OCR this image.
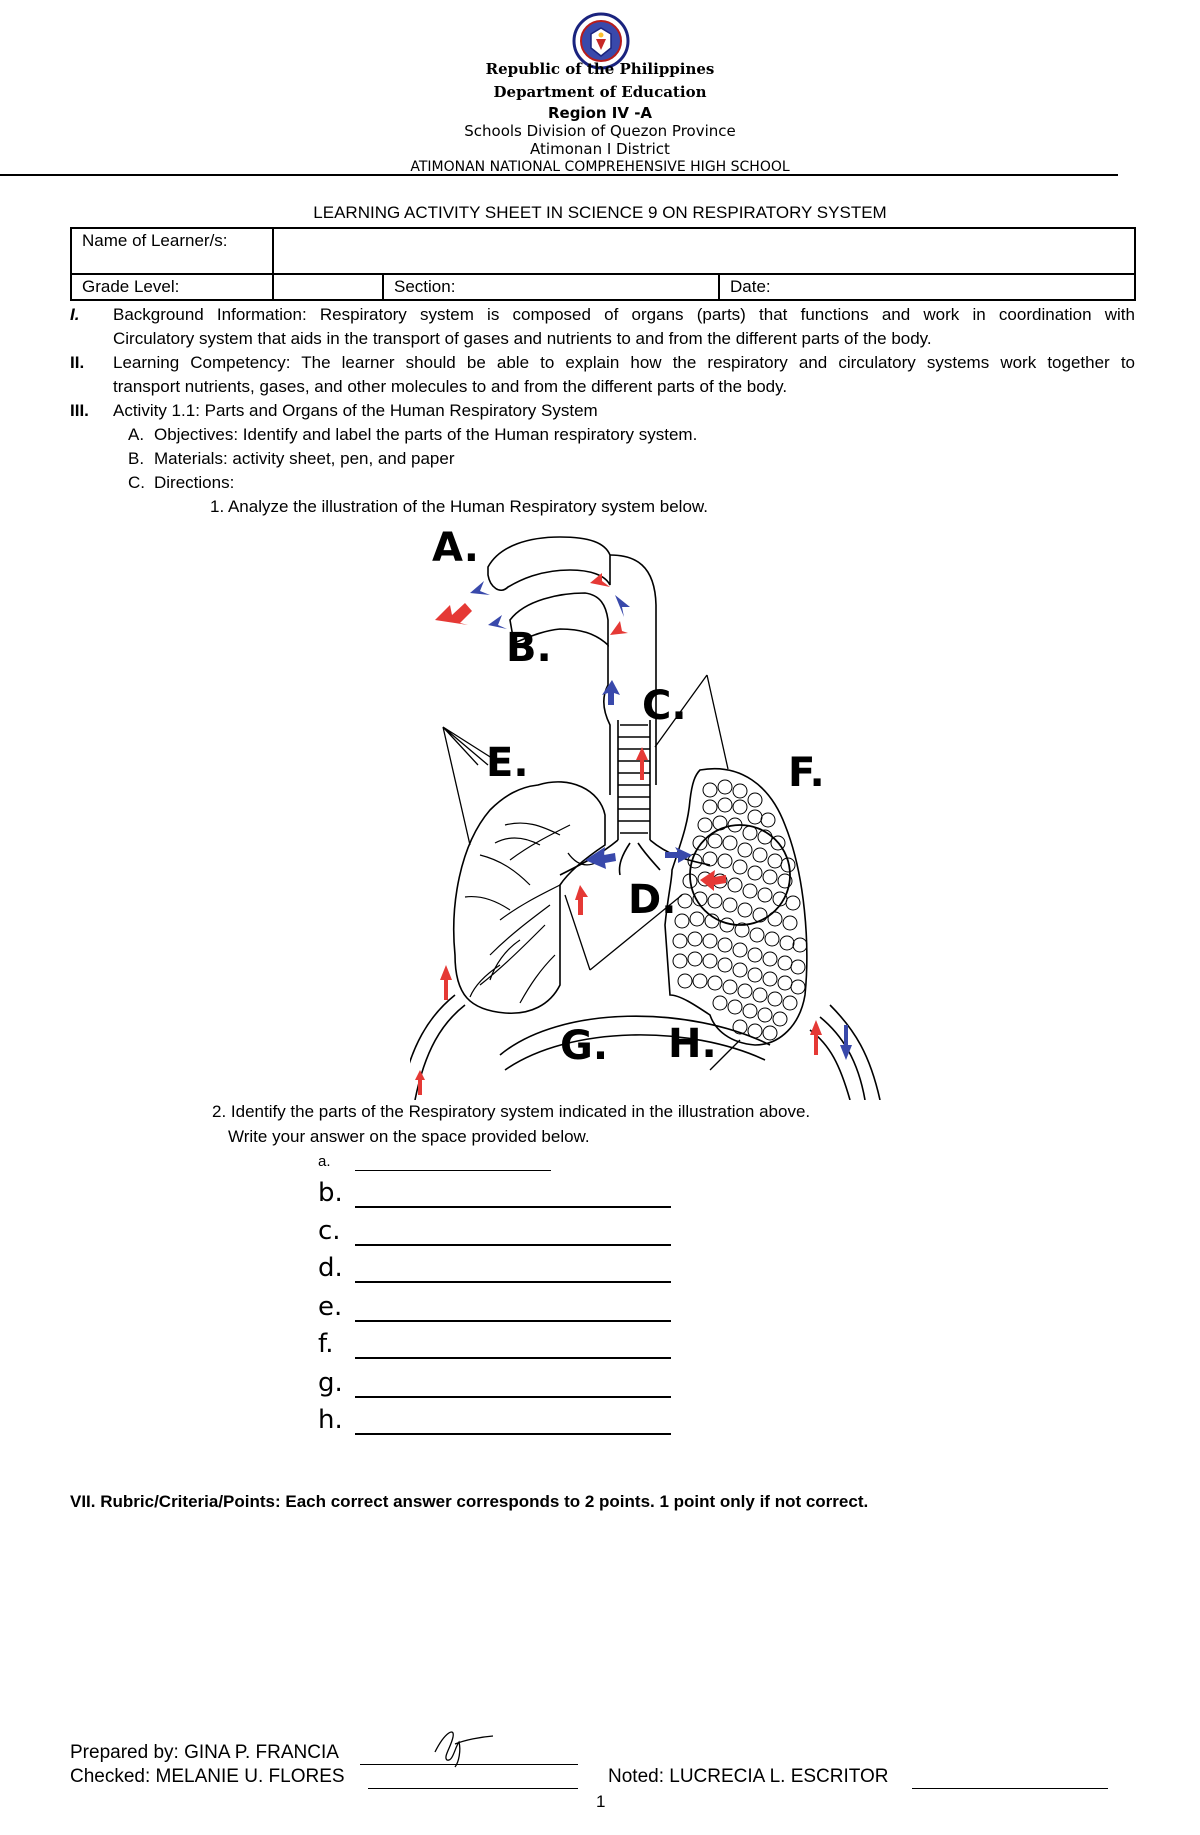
Republic of the Philippines
Department of Education
Region IV -A
Schools Division of Quezon Province
Atimonan I District
ATIMONAN NATIONAL COMPREHENSIVE HIGH SCHOOL
LEARNING ACTIVITY SHEET IN SCIENCE 9 ON RESPIRATORY SYSTEM
Name of Learner/s:			
Grade Level:		Section:	Date:
I. Background Information: Respiratory system is composed of organs (parts) that functions and work in coordination with
Circulatory system that aids in the transport of gases and nutrients to and from the different parts of the body.
II. Learning Competency: The learner should be able to explain how the respiratory and circulatory systems work together to
transport nutrients, gases, and other molecules to and from the different parts of the body.
III. Activity 1.1: Parts and Organs of the Human Respiratory System
A. Objectives: Identify and label the parts of the Human respiratory system.
B. Materials: activity sheet, pen, and paper
C. Directions:
1. Analyze the illustration of the Human Respiratory system below.
A.
B.
C.
D.
E.	F.
G. H.
2. Identify the parts of the Respiratory system indicated in the illustration above.
Write your answer on the space provided below.
a.
b.
c.
d.
e.
f.
g.
h.
VII. Rubric/Criteria/Points: Each correct answer corresponds to 2 points. 1 point only if not correct.
Prepared by: GINA P. FRANCIA
Checked: MELANIE U. FLORES	Noted: LUCRECIA L. ESCRITOR
1
